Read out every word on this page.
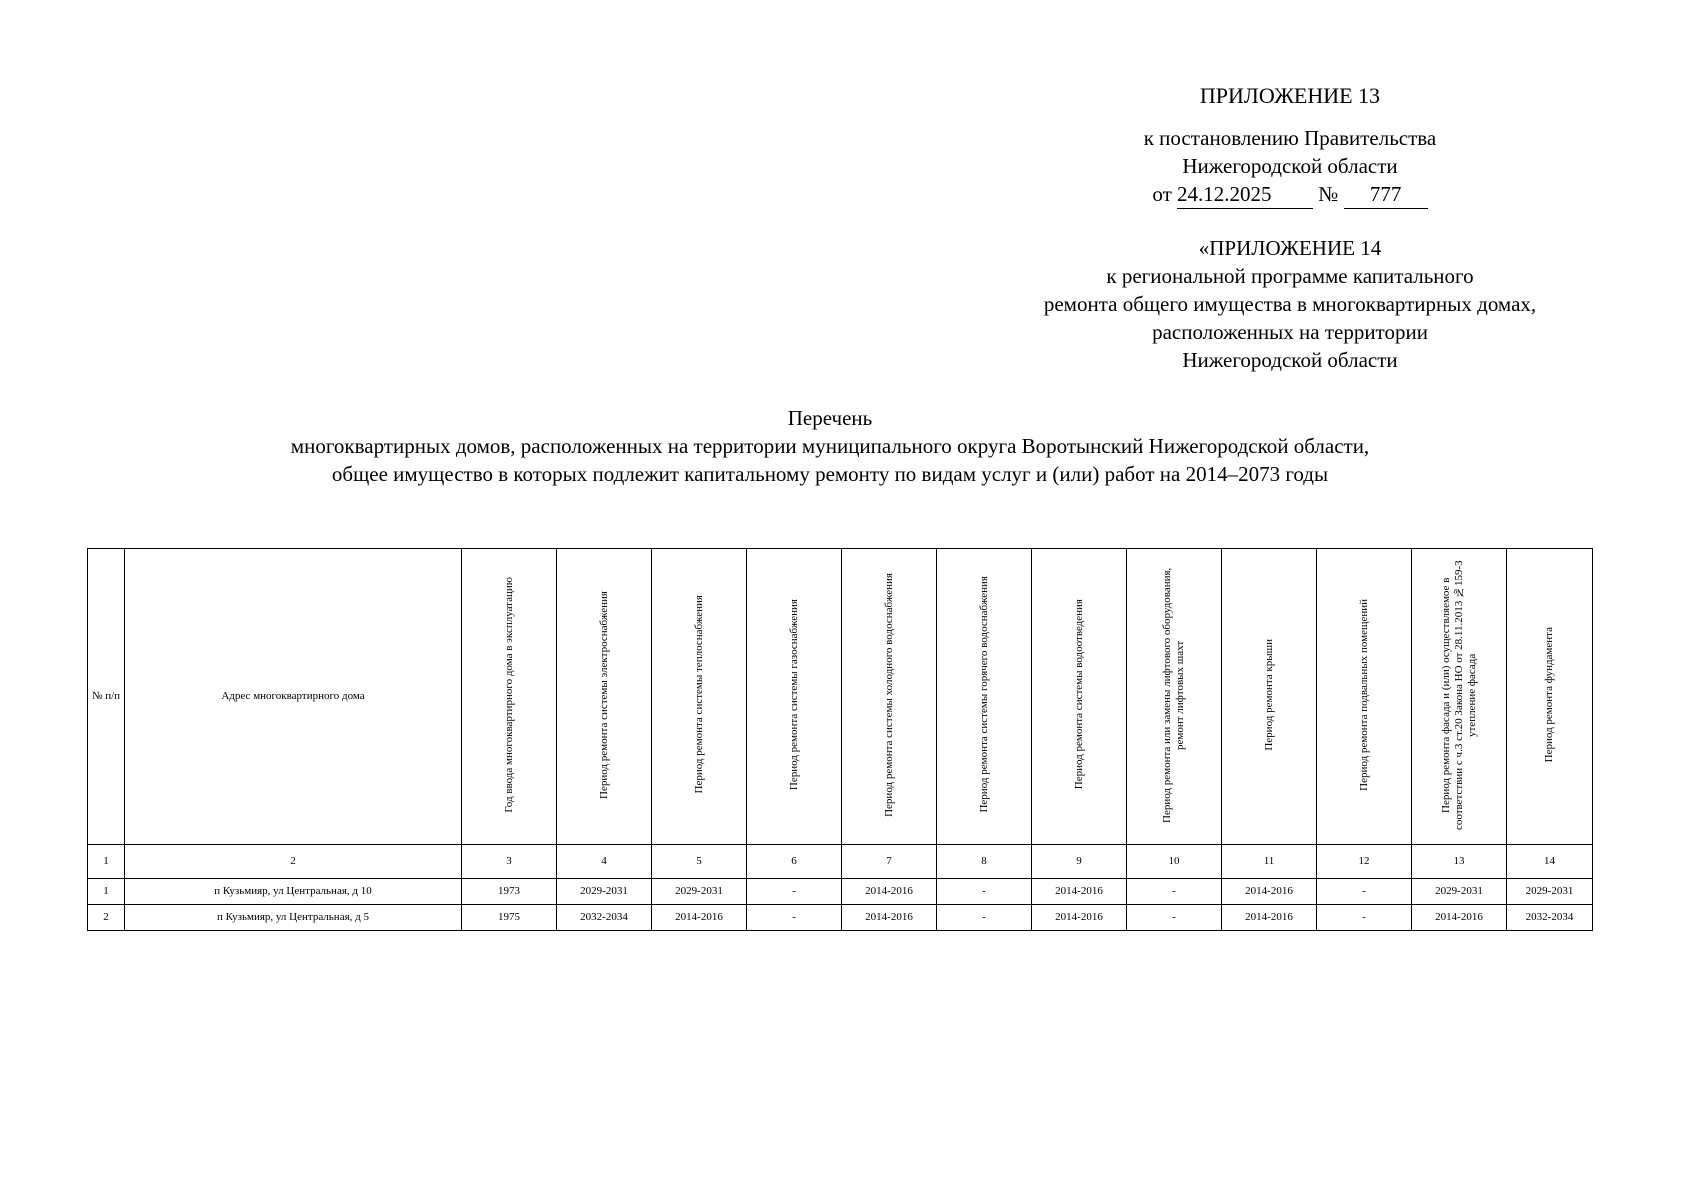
ПРИЛОЖЕНИЕ 13
к постановлению Правительства
Нижегородской области
от 24.12.2025 № 777
«ПРИЛОЖЕНИЕ 14
к региональной программе капитального
ремонта общего имущества в многоквартирных домах,
расположенных на территории
Нижегородской области
Перечень
многоквартирных домов, расположенных на территории муниципального округа Воротынский Нижегородской области,
общее имущество в которых подлежит капитальному ремонту по видам услуг и (или) работ на 2014–2073 годы
№ п/п	Адрес многоквартирного дома	Год ввода многоквартирного дома в эксплуатацию	Период ремонта системы электроснабжения	Период ремонта системы теплоснабжения	Период ремонта системы газоснабжения	Период ремонта системы холодного водоснабжения	Период ремонта системы горячего водоснабжения	Период ремонта системы водоотведения	Период ремонта или замены лифтового оборудования, ремонт лифтовых шахт	Период ремонта крыши	Период ремонта подвальных помещений	Период ремонта фасада и (или) осуществляемое в соответствии с ч.3 ст.20 Закона НО от 28.11.2013 №159-З утепление фасада	Период ремонта фундамента
1	2	3	4	5	6	7	8	9	10	11	12	13	14
1	п Кузьмияр, ул Центральная, д 10	1973	2029-2031	2029-2031	-	2014-2016	-	2014-2016	-	2014-2016	-	2029-2031	2029-2031
2	п Кузьмияр, ул Центральная, д 5	1975	2032-2034	2014-2016	-	2014-2016	-	2014-2016	-	2014-2016	-	2014-2016	2032-2034
